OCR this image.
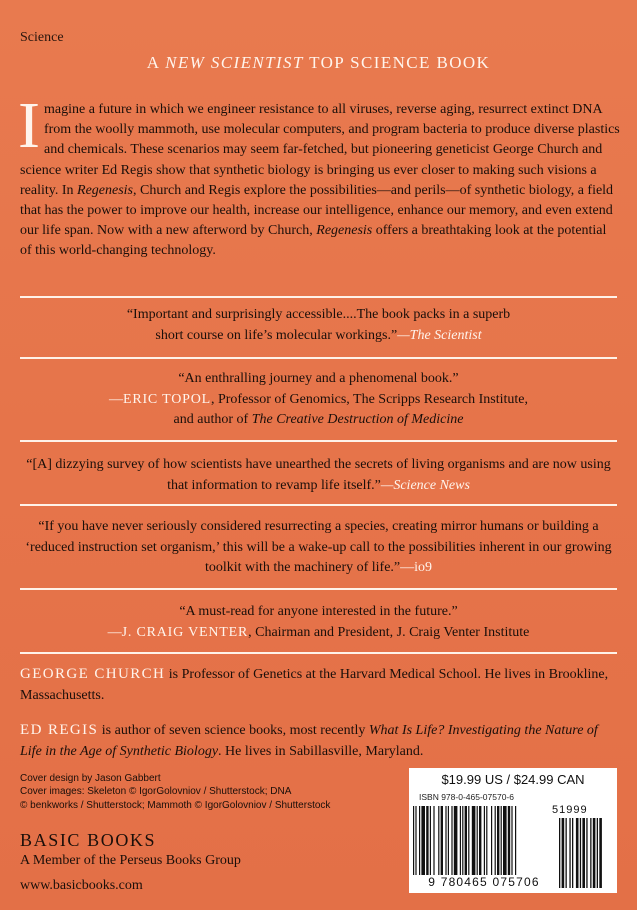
Science
A NEW SCIENTIST TOP SCIENCE BOOK
Imagine a future in which we engineer resistance to all viruses, reverse aging, resurrect extinct DNA from the woolly mammoth, use molecular computers, and program bacteria to produce diverse plastics and chemicals. These scenarios may seem far-fetched, but pioneering geneticist George Church and science writer Ed Regis show that synthetic biology is bringing us ever closer to making such visions a reality. In Regenesis, Church and Regis explore the possibilities—and perils—of synthetic biology, a field that has the power to improve our health, increase our intelligence, enhance our memory, and even extend our life span. Now with a new afterword by Church, Regenesis offers a breathtaking look at the potential of this world-changing technology.
“Important and surprisingly accessible....The book packs in a superb short course on life’s molecular workings.”—The Scientist
“An enthralling journey and a phenomenal book.”
—ERIC TOPOL, Professor of Genomics, The Scripps Research Institute,
and author of The Creative Destruction of Medicine
“[A] dizzying survey of how scientists have unearthed the secrets of living organisms and are now using that information to revamp life itself.”—Science News
“If you have never seriously considered resurrecting a species, creating mirror humans or building a ‘reduced instruction set organism,’ this will be a wake-up call to the possibilities inherent in our growing toolkit with the machinery of life.”—io9
“A must-read for anyone interested in the future.”
—J. CRAIG VENTER, Chairman and President, J. Craig Venter Institute
GEORGE CHURCH is Professor of Genetics at the Harvard Medical School. He lives in Brookline, Massachusetts.
ED REGIS is author of seven science books, most recently What Is Life? Investigating the Nature of Life in the Age of Synthetic Biology. He lives in Sabillasville, Maryland.
Cover design by Jason Gabbert
Cover images: Skeleton © IgorGolovniov / Shutterstock; DNA
© benkworks / Shutterstock; Mammoth © IgorGolovniov / Shutterstock
BASIC BOOKS
A Member of the Perseus Books Group
www.basicbooks.com
$19.99 US / $24.99 CAN
ISBN 978-0-465-07570-6
51999
9 780465 075706
